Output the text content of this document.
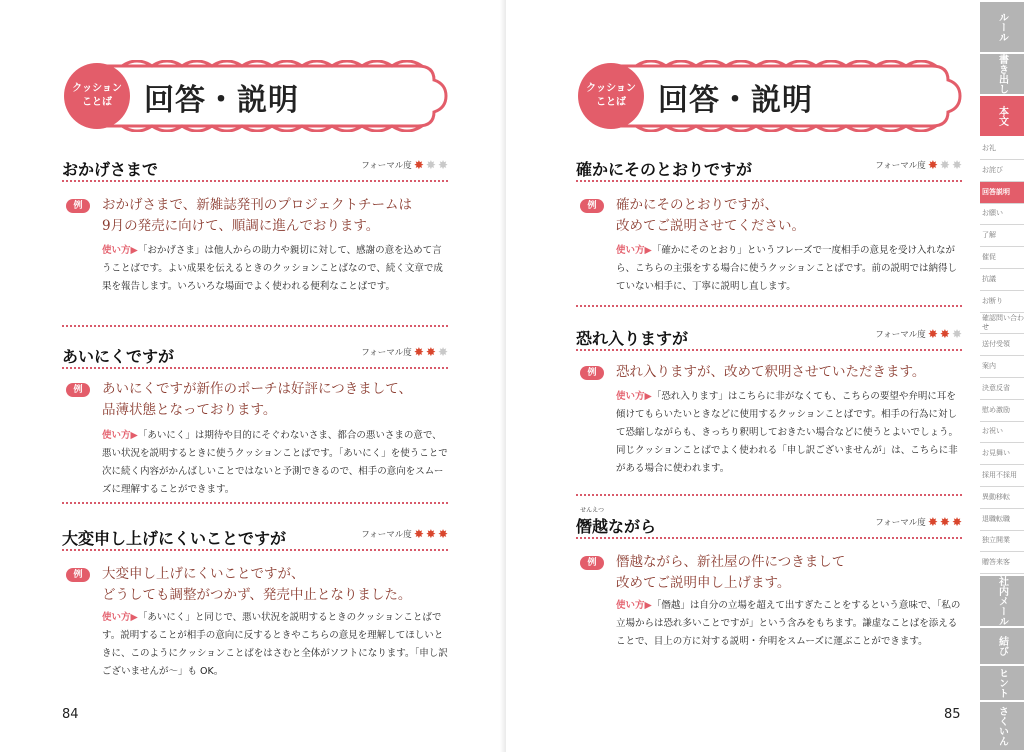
クッション
ことば 回答・説明
おかげさまで	フォーマル度 ✸ ✸ ✸
例	おかげさまで、新雑誌発刊のプロジェクトチームは
9月の発売に向けて、順調に進んでおります。
使い方▶「おかげさま」は他人からの助力や親切に対して、感謝の意を込めて言うことばです。よい成果を伝えるときのクッションことばなので、続く文章で成果を報告します。いろいろな場面でよく使われる便利なことばです。
あいにくですが	フォーマル度 ✸ ✸ ✸
例	あいにくですが新作のポーチは好評につきまして、
品薄状態となっております。
使い方▶「あいにく」は期待や目的にそぐわないさま、都合の悪いさまの意で、悪い状況を説明するときに使うクッションことばです。「あいにく」を使うことで次に続く内容がかんばしいことではないと予測できるので、相手の意向をスムーズに理解することができます。
大変申し上げにくいことですが	フォーマル度 ✸ ✸ ✸
例	大変申し上げにくいことですが、
どうしても調整がつかず、発売中止となりました。
使い方▶「あいにく」と同じで、悪い状況を説明するときのクッションことばです。説明することが相手の意向に反するときやこちらの意見を理解してほしいときに、このようにクッションことばをはさむと全体がソフトになります。「申し訳ございませんが〜」も OK。
84
クッション
ことば 回答・説明
確かにそのとおりですが	フォーマル度 ✸ ✸ ✸
例	確かにそのとおりですが、
改めてご説明させてください。
使い方▶「確かにそのとおり」というフレーズで一度相手の意見を受け入れながら、こちらの主張をする場合に使うクッションことばです。前の説明では納得していない相手に、丁寧に説明し直します。
恐れ入りますが	フォーマル度 ✸ ✸ ✸
例	恐れ入りますが、改めて釈明させていただきます。
使い方▶「恐れ入ります」はこちらに非がなくても、こちらの要望や弁明に耳を傾けてもらいたいときなどに使用するクッションことばです。相手の行為に対して恐縮しながらも、きっちり釈明しておきたい場合などに使うとよいでしょう。同じクッションことばでよく使われる「申し訳ございませんが」は、こちらに非がある場合に使われます。
せんえつ
僭越ながら	フォーマル度 ✸ ✸ ✸
例	僭越ながら、新社屋の件につきまして
改めてご説明申し上げます。
使い方▶「僭越」は自分の立場を超えて出すぎたことをするという意味で、「私の立場からは恐れ多いことですが」という含みをもちます。謙虚なことばを添えることで、目上の方に対する説明・弁明をスムーズに運ぶことができます。
85
ルール
書き出し
本文
お礼
お詫び
回答説明
お願い
了解
催促
抗議
お断り
確認問い合わせ
送付受領
案内
決意反省
慰め激励
お祝い
お見舞い
採用不採用
異動移転
退職転職
独立開業
贈答来客
社内メール
結び
ヒント
さくいん
